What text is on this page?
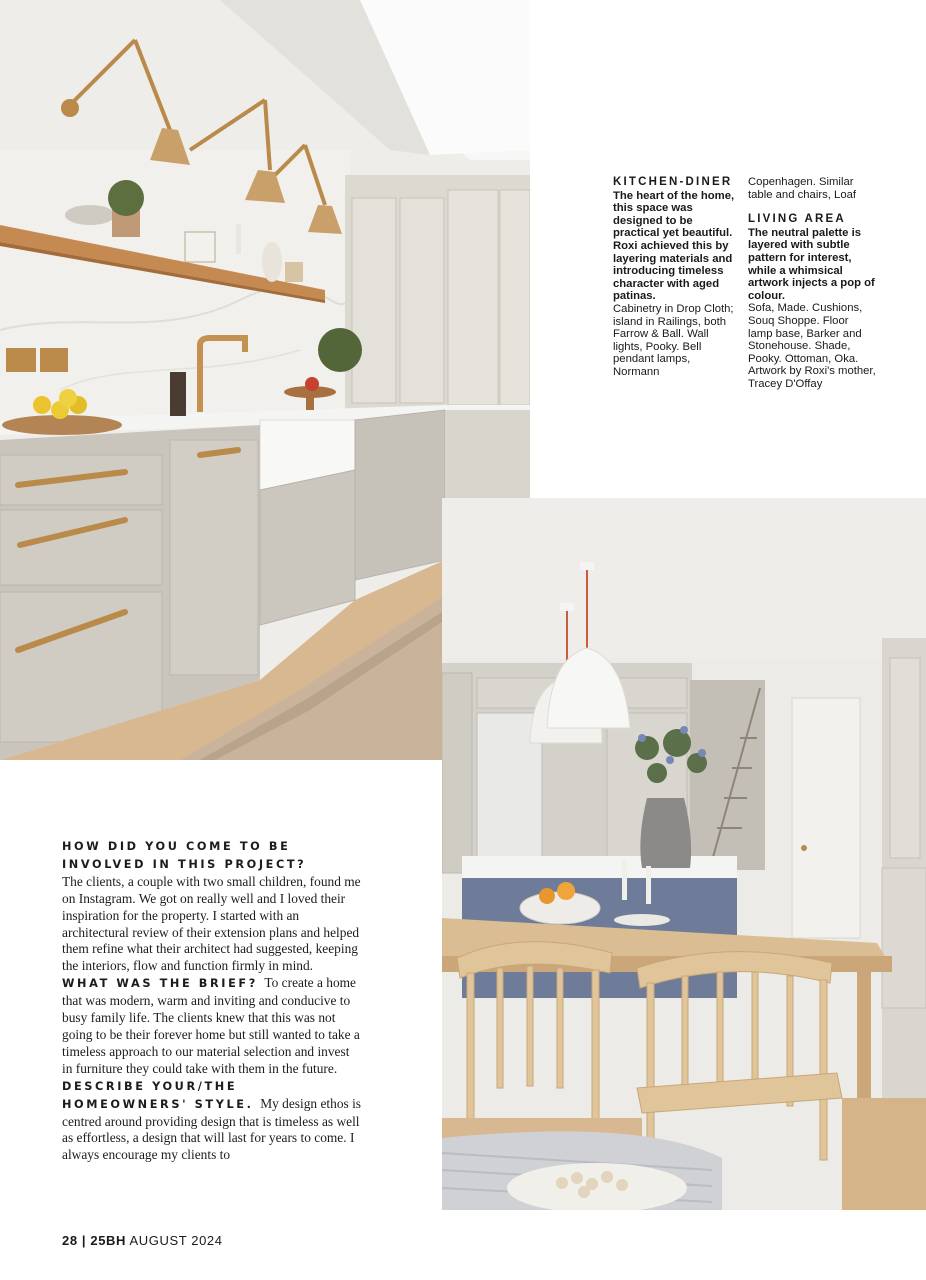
KITCHEN-DINER
The heart of the home, this space was designed to be practical yet beautiful. Roxi achieved this by layering materials and introducing timeless character with aged patinas.
Cabinetry in Drop Cloth; island in Railings, both Farrow & Ball. Wall lights, Pooky. Bell pendant lamps, Normann
Copenhagen. Similar table and chairs, Loaf
LIVING AREA
The neutral palette is layered with subtle pattern for interest, while a whimsical artwork injects a pop of colour.
Sofa, Made. Cushions, Souq Shoppe. Floor lamp base, Barker and Stonehouse. Shade, Pooky. Ottoman, Oka. Artwork by Roxi's mother, Tracey D'Offay
HOW DID YOU COME TO BE INVOLVED IN THIS PROJECT?
The clients, a couple with two small children, found me on Instagram. We got on really well and I loved their inspiration for the property. I started with an architectural review of their extension plans and helped them refine what their architect had suggested, keeping the interiors, flow and function firmly in mind.
WHAT WAS THE BRIEF? To create a home that was modern, warm and inviting and conducive to busy family life. The clients knew that this was not going to be their forever home but still wanted to take a timeless approach to our material selection and invest in furniture they could take with them in the future.
DESCRIBE YOUR/THE HOMEOWNERS' STYLE. My design ethos is centred around providing design that is timeless as well as effortless, a design that will last for years to come. I always encourage my clients to
28 | 25BH AUGUST 2024
